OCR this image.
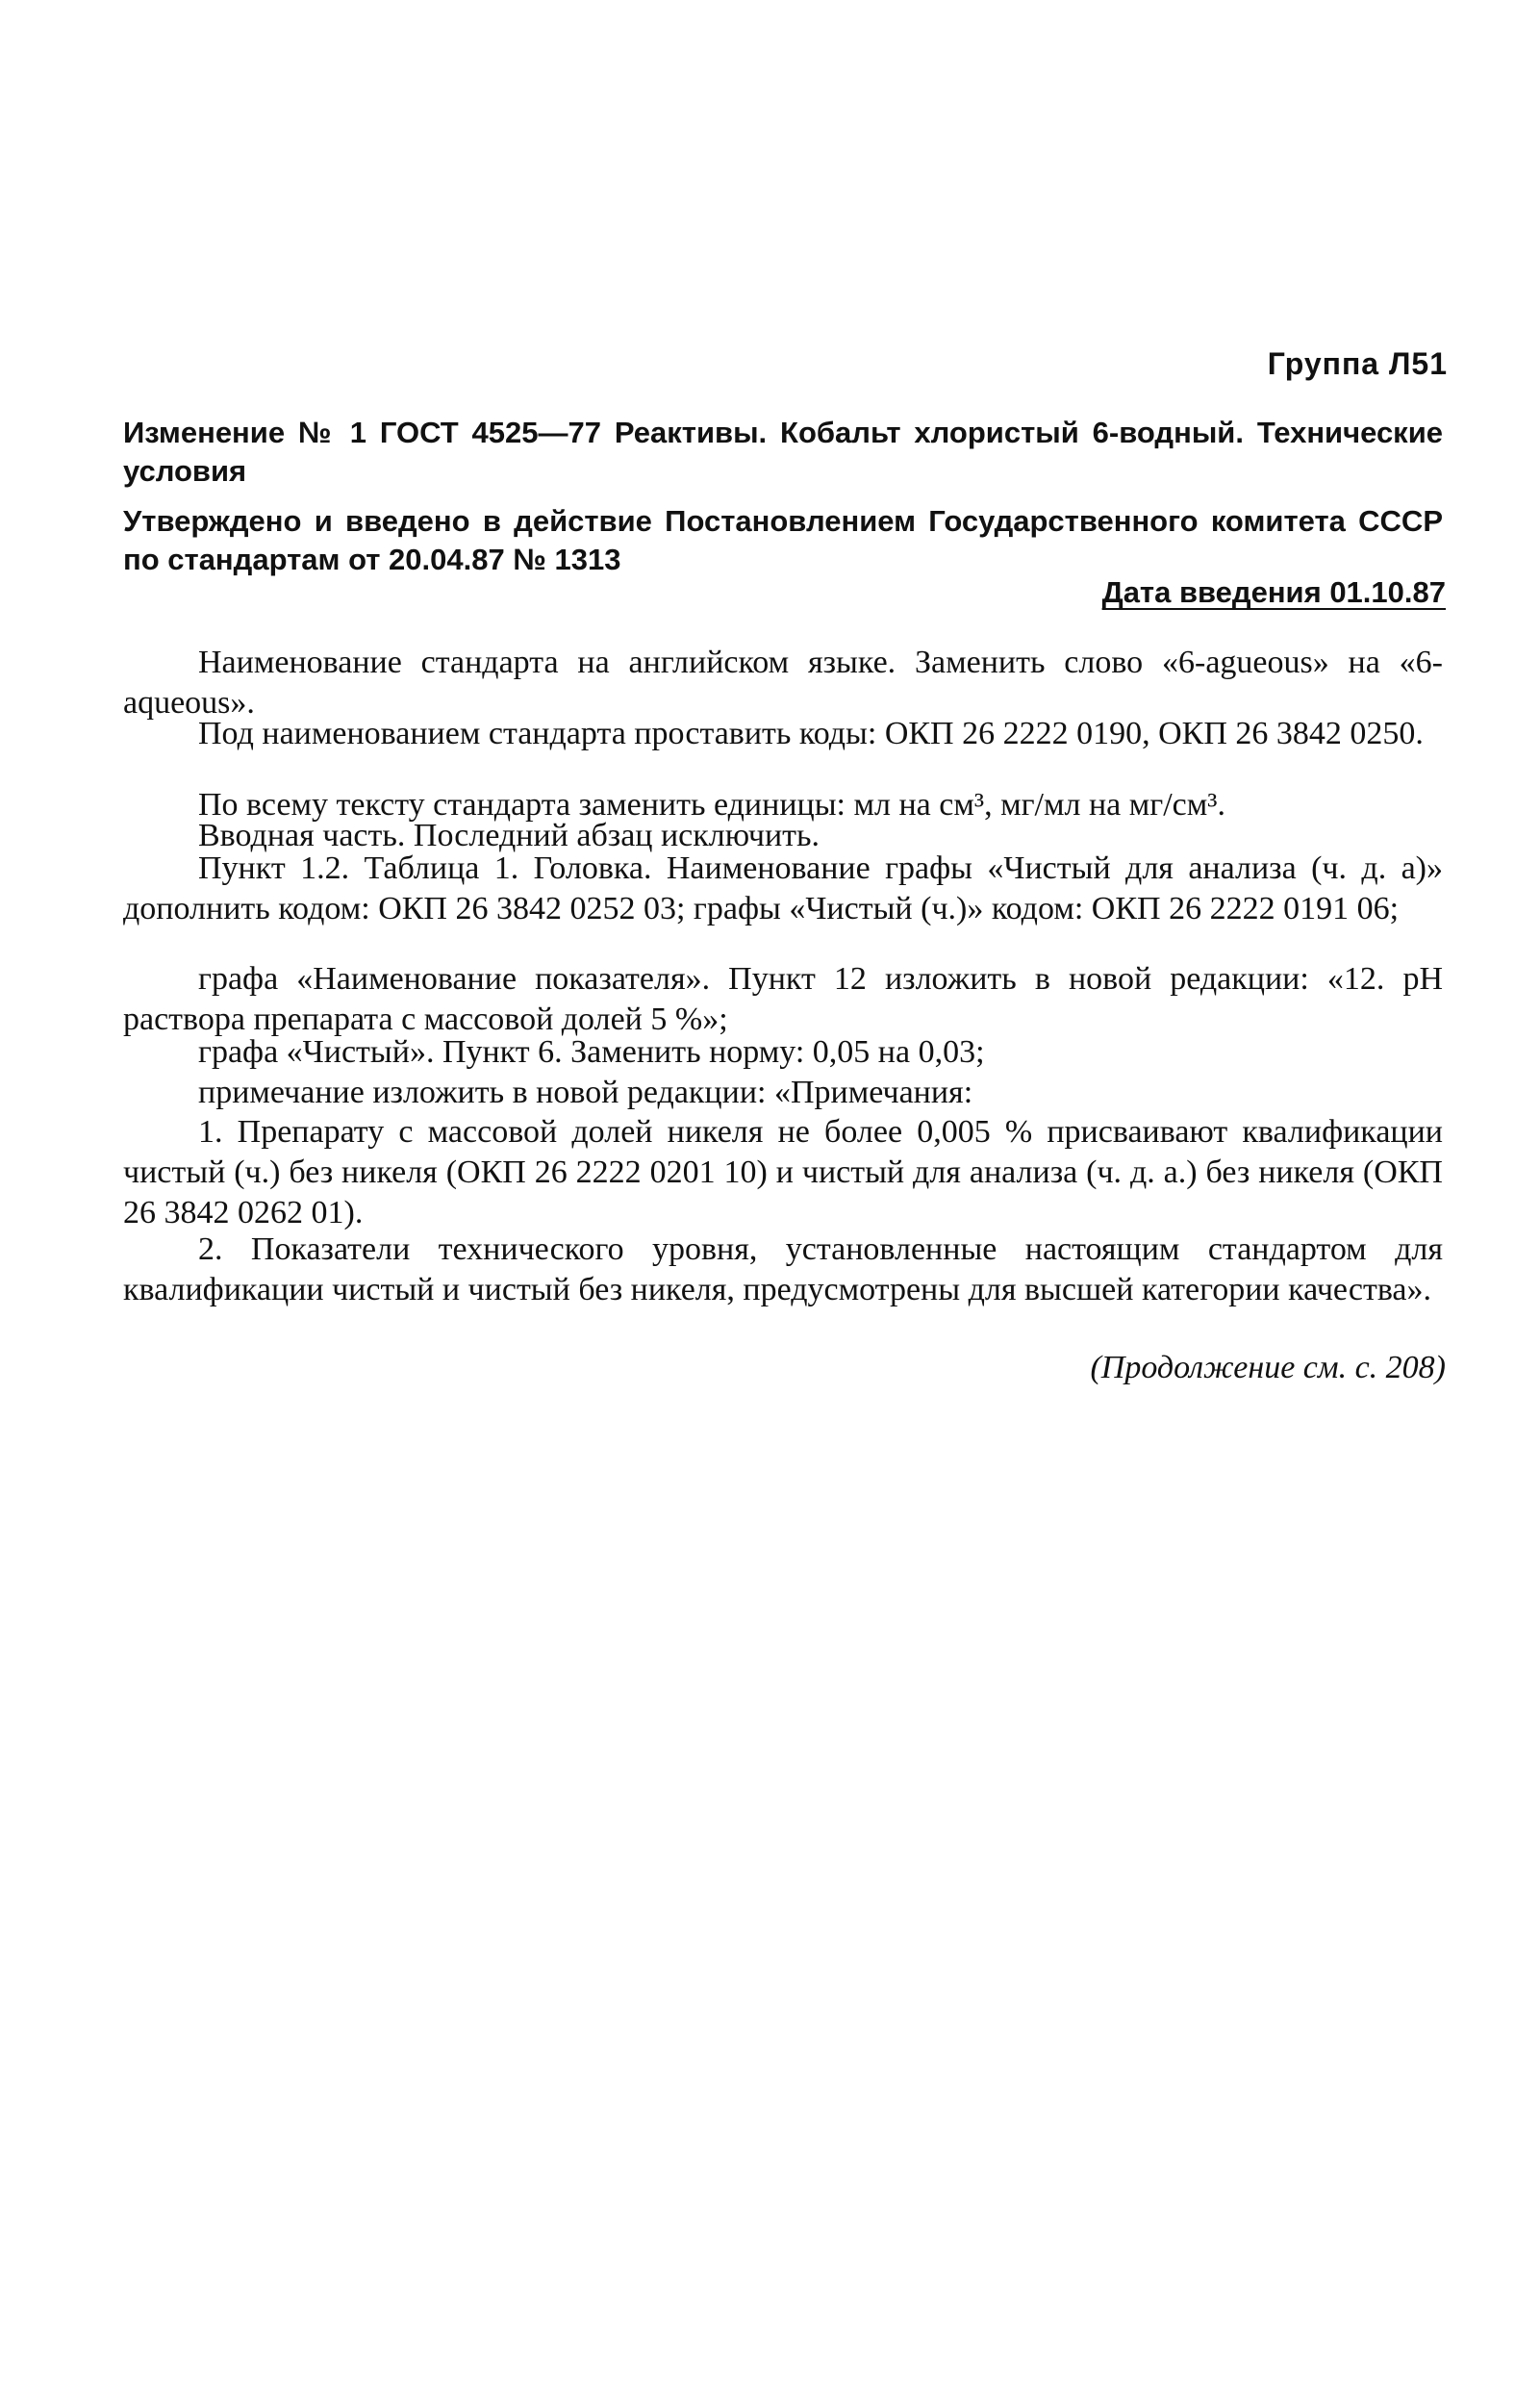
Группа Л51

Изменение № 1 ГОСТ 4525—77 Реактивы. Кобальт хлористый 6-водный. Технические условия

Утверждено и введено в действие Постановлением Государственного комитета СССР по стандартам от 20.04.87 № 1313

Дата введения 01.10.87

Наименование стандарта на английском языке. Заменить слово «6-agueous» на «6-aqueous».

Под наименованием стандарта проставить коды: ОКП 26 2222 0190, ОКП 26 3842 0250.

По всему тексту стандарта заменить единицы: мл на см³, мг/мл на мг/см³.

Вводная часть. Последний абзац исключить.

Пункт 1.2. Таблица 1. Головка. Наименование графы «Чистый для анализа (ч. д. а)» дополнить кодом: ОКП 26 3842 0252 03; графы «Чистый (ч.)» кодом: ОКП 26 2222 0191 06;

графа «Наименование показателя». Пункт 12 изложить в новой редакции: «12. pH раствора препарата с массовой долей 5 %»;

графа «Чистый». Пункт 6. Заменить норму: 0,05 на 0,03;

примечание изложить в новой редакции: «Примечания:

1. Препарату с массовой долей никеля не более 0,005 % присваивают квалификации чистый (ч.) без никеля (ОКП 26 2222 0201 10) и чистый для анализа (ч. д. а.) без никеля (ОКП 26 3842 0262 01).

2. Показатели технического уровня, установленные настоящим стандартом для квалификации чистый и чистый без никеля, предусмотрены для высшей категории качества».

(Продолжение см. с. 208)
